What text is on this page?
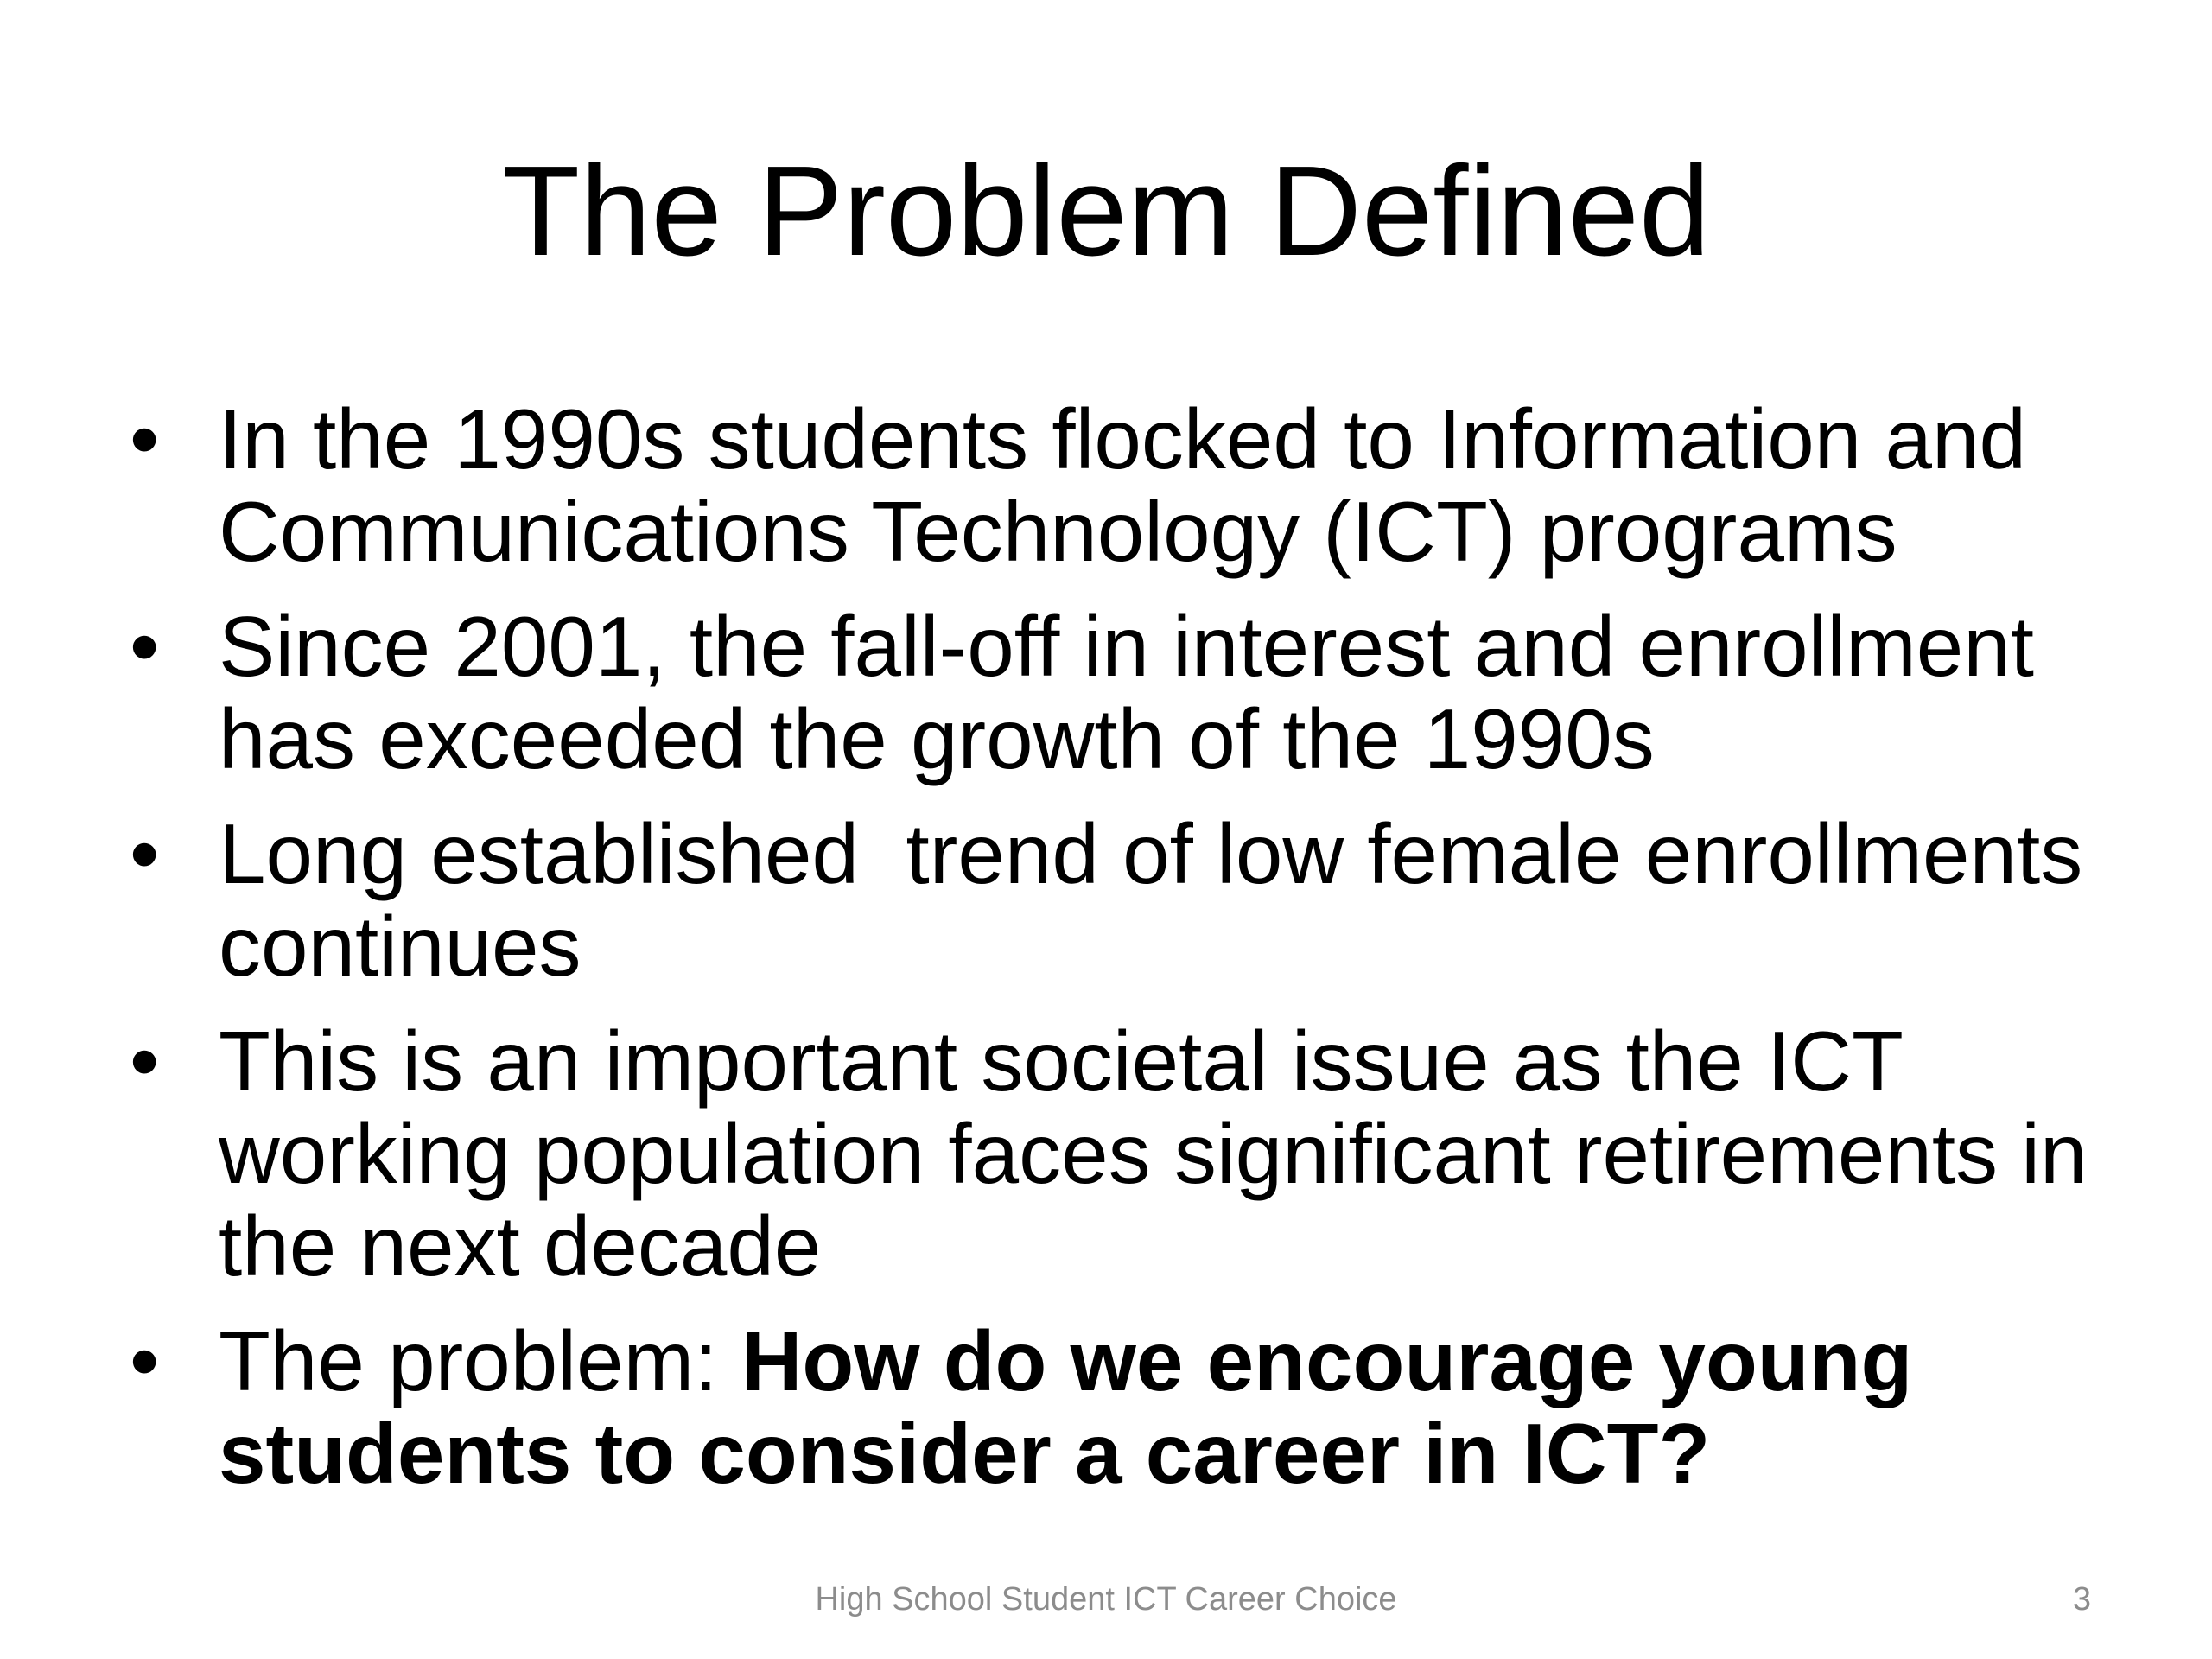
The Problem Defined
• In the 1990s students flocked to Information and Communications Technology (ICT) programs
• Since 2001, the fall-off in interest and enrollment has exceeded the growth of the 1990s
• Long established  trend of low female enrollments continues
• This is an important societal issue as the ICT working population faces significant retirements in the next decade
• The problem: How do we encourage young students to consider a career in ICT?
High School Student ICT Career Choice	3
